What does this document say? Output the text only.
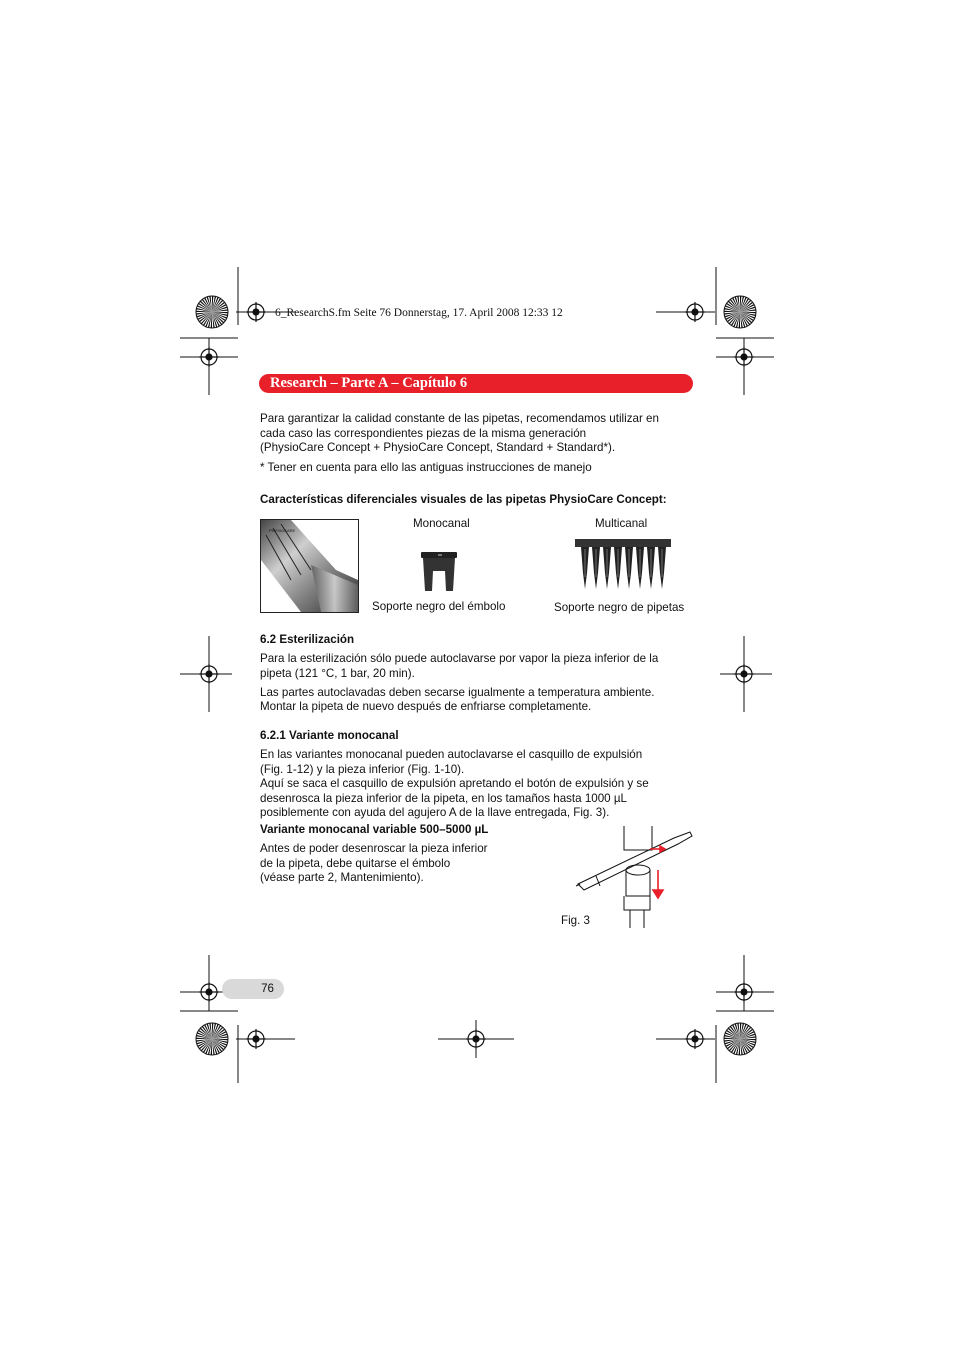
6_ResearchS.fm Seite 76 Donnerstag, 17. April 2008 12:33 12
Research – Parte A – Capítulo 6
Para garantizar la calidad constante de las pipetas, recomendamos utilizar en
cada caso las correspondientes piezas de la misma generación
(PhysioCare Concept + PhysioCare Concept, Standard + Standard*).
* Tener en cuenta para ello las antiguas instrucciones de manejo
Características diferenciales visuales de las pipetas PhysioCare Concept:
PHYSIOCARE
Monocanal	Multicanal
Soporte negro del émbolo	Soporte negro de pipetas
6.2 Esterilización
Para la esterilización sólo puede autoclavarse por vapor la pieza inferior de la
pipeta (121 °C, 1 bar, 20 min).
Las partes autoclavadas deben secarse igualmente a temperatura ambiente.
Montar la pipeta de nuevo después de enfriarse completamente.
6.2.1 Variante monocanal
En las variantes monocanal pueden autoclavarse el casquillo de expulsión
(Fig. 1-12) y la pieza inferior (Fig. 1-10).
Aquí se saca el casquillo de expulsión apretando el botón de expulsión y se
desenrosca la pieza inferior de la pipeta, en los tamaños hasta 1000 µL
posiblemente con ayuda del agujero A de la llave entregada, Fig. 3).
Variante monocanal variable 500–5000 µL
Antes de poder desenroscar la pieza inferior
de la pipeta, debe quitarse el émbolo
(véase parte 2, Mantenimiento).
Fig. 3
76
